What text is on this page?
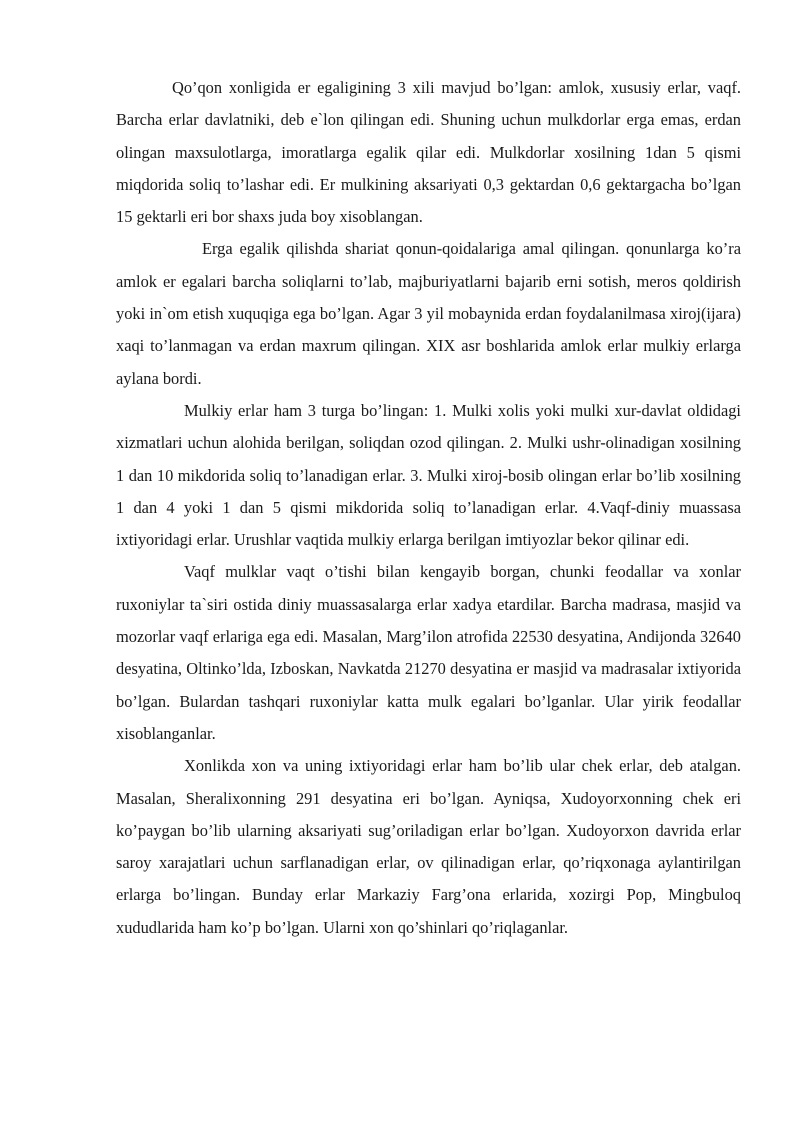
Qo’qon xonligida er egaligining 3 xili mavjud bo’lgan: amlok, xususiy erlar, vaqf. Barcha erlar davlatniki, deb e`lon qilingan edi. Shuning uchun mulkdorlar erga emas, erdan olingan maxsulotlarga, imoratlarga egalik qilar edi. Mulkdorlar xosilning 1dan 5 qismi miqdorida soliq to’lashar edi. Er mulkining aksariyati 0,3 gektardan 0,6 gektargacha bo’lgan 15 gektarli eri bor shaxs juda boy xisoblangan.

Erga egalik qilishda shariat qonun-qoidalariga amal qilingan. qonunlarga ko’ra amlok er egalari barcha soliqlarni to’lab, majburiyatlarni bajarib erni sotish, meros qoldirish yoki in`om etish xuquqiga ega bo’lgan. Agar 3 yil mobaynida erdan foydalanilmasa xiroj(ijara) xaqi to’lanmagan va erdan maxrum qilingan. XIX asr boshlarida amlok erlar mulkiy erlarga aylana bordi.

Mulkiy erlar ham 3 turga bo’lingan: 1. Mulki xolis yoki mulki xur-davlat oldidagi xizmatlari uchun alohida berilgan, soliqdan ozod qilingan. 2. Mulki ushr-olinadigan xosilning 1 dan 10 mikdorida soliq to’lanadigan erlar. 3. Mulki xiroj-bosib olingan erlar bo’lib xosilning 1 dan 4 yoki 1 dan 5 qismi mikdorida soliq to’lanadigan erlar. 4.Vaqf-diniy muassasa ixtiyoridagi erlar. Urushlar vaqtida mulkiy erlarga berilgan imtiyozlar bekor qilinar edi.

Vaqf mulklar vaqt o’tishi bilan kengayib borgan, chunki feodallar va xonlar ruxoniylar ta`siri ostida diniy muassasalarga erlar xadya etardilar. Barcha madrasa, masjid va mozorlar vaqf erlariga ega edi. Masalan, Marg’ilon atrofida 22530 desyatina, Andijonda 32640 desyatina, Oltinko’lda, Izboskan, Navkatda 21270 desyatina er masjid va madrasalar ixtiyorida bo’lgan. Bulardan tashqari ruxoniylar katta mulk egalari bo’lganlar. Ular yirik feodallar xisoblanganlar.

Xonlikda xon va uning ixtiyoridagi erlar ham bo’lib ular chek erlar, deb atalgan. Masalan, Sheralixonning 291 desyatina eri bo’lgan. Ayniqsa, Xudoyorxonning chek eri ko’paygan bo’lib ularning aksariyati sug’oriladigan erlar bo’lgan. Xudoyorxon davrida erlar saroy xarajatlari uchun sarflanadigan erlar, ov qilinadigan erlar, qo’riqxonaga aylantirilgan erlarga bo’lingan. Bunday erlar Markaziy Farg’ona erlarida, xozirgi Pop, Mingbuloq xududlarida ham ko’p bo’lgan. Ularni xon qo’shinlari qo’riqlaganlar.
